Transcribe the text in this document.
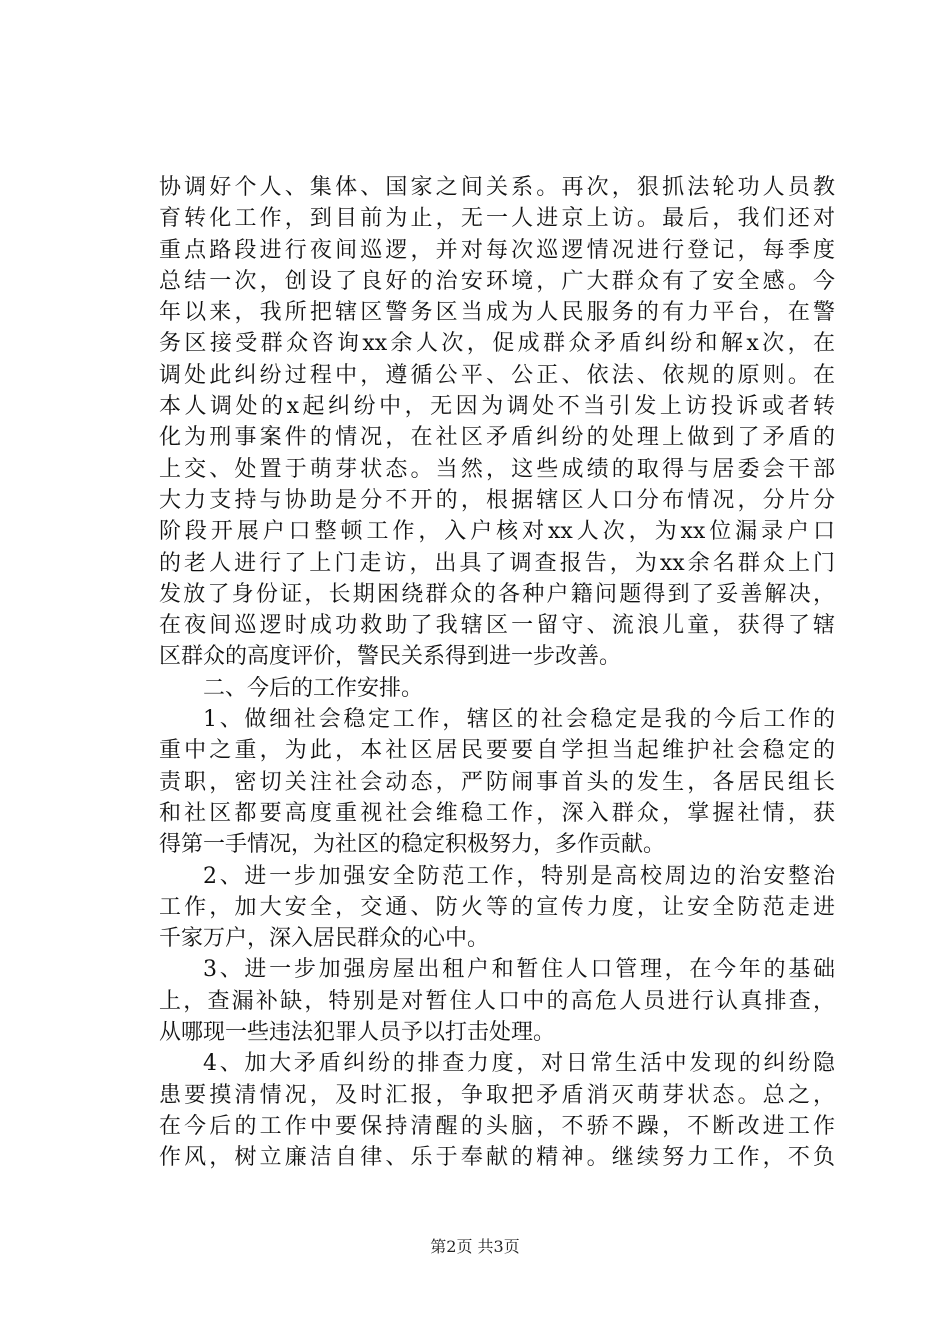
协调好个人、集体、国家之间关系。再次，狠抓法轮功人员教
育转化工作，到目前为止，无一人进京上访。最后，我们还对
重点路段进行夜间巡逻，并对每次巡逻情况进行登记，每季度
总结一次，创设了良好的治安环境，广大群众有了安全感。今
年以来，我所把辖区警务区当成为人民服务的有力平台，在警
务区接受群众咨询xx余人次，促成群众矛盾纠纷和解x次，在
调处此纠纷过程中，遵循公平、公正、依法、依规的原则。在
本人调处的x起纠纷中，无因为调处不当引发上访投诉或者转
化为刑事案件的情况，在社区矛盾纠纷的处理上做到了矛盾的
上交、处置于萌芽状态。当然，这些成绩的取得与居委会干部
大力支持与协助是分不开的，根据辖区人口分布情况，分片分
阶段开展户口整顿工作，入户核对xx人次，为xx位漏录户口
的老人进行了上门走访，出具了调查报告，为xx余名群众上门
发放了身份证，长期困绕群众的各种户籍问题得到了妥善解决，
在夜间巡逻时成功救助了我辖区一留守、流浪儿童，获得了辖
区群众的高度评价，警民关系得到进一步改善。
二、今后的工作安排。
1、做细社会稳定工作，辖区的社会稳定是我的今后工作的
重中之重，为此，本社区居民要要自学担当起维护社会稳定的
责职，密切关注社会动态，严防闹事首头的发生，各居民组长
和社区都要高度重视社会维稳工作，深入群众，掌握社情，获
得第一手情况，为社区的稳定积极努力，多作贡献。
2、进一步加强安全防范工作，特别是高校周边的治安整治
工作，加大安全，交通、防火等的宣传力度，让安全防范走进
千家万户，深入居民群众的心中。
3、进一步加强房屋出租户和暂住人口管理，在今年的基础
上，查漏补缺，特别是对暂住人口中的高危人员进行认真排查，
从哪现一些违法犯罪人员予以打击处理。
4、加大矛盾纠纷的排查力度，对日常生活中发现的纠纷隐
患要摸清情况，及时汇报，争取把矛盾消灭萌芽状态。总之，
在今后的工作中要保持清醒的头脑，不骄不躁，不断改进工作
作风，树立廉洁自律、乐于奉献的精神。继续努力工作，不负
第2页 共3页
